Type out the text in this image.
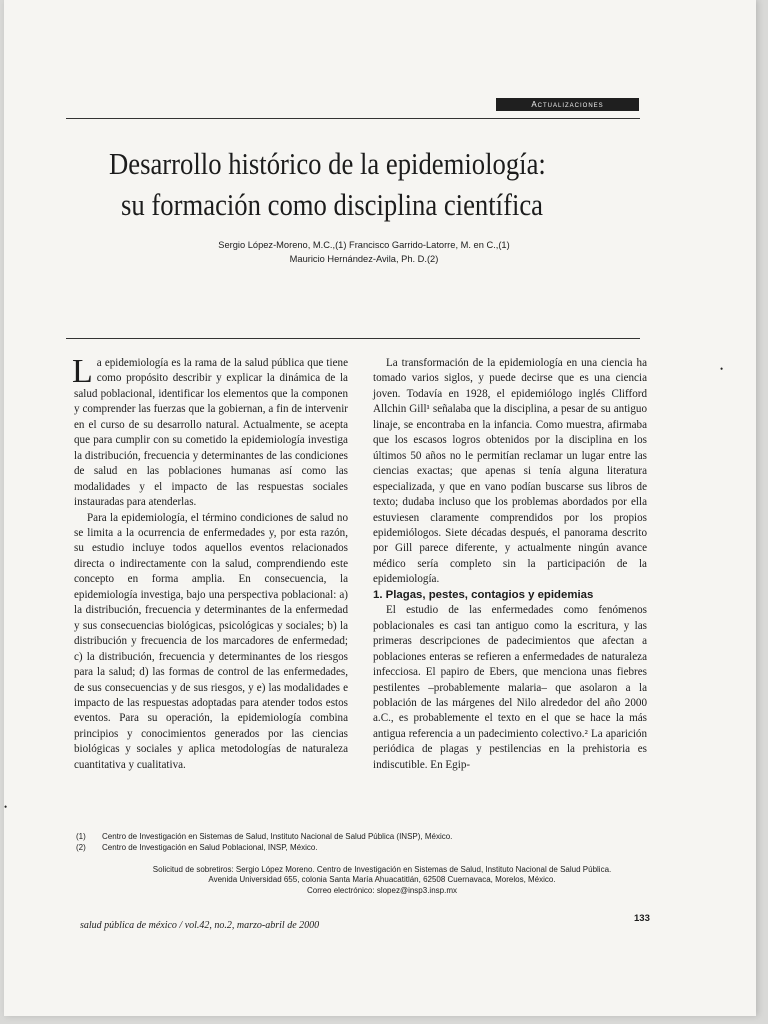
Actualizaciones
Desarrollo histórico de la epidemiología:
su formación como disciplina científica
Sergio López-Moreno, M.C.,(1) Francisco Garrido-Latorre, M. en C.,(1)
Mauricio Hernández-Avila, Ph. D.(2)

La epidemiología es la rama de la salud pública que tiene como propósito describir y explicar la dinámica de la salud poblacional, identificar los elementos que la componen y comprender las fuerzas que la gobiernan, a fin de intervenir en el curso de su desarrollo natural. Actualmente, se acepta que para cumplir con su cometido la epidemiología investiga la distribución, frecuencia y determinantes de las condiciones de salud en las poblaciones humanas así como las modalidades y el impacto de las respuestas sociales instauradas para atenderlas.

Para la epidemiología, el término condiciones de salud no se limita a la ocurrencia de enfermedades y, por esta razón, su estudio incluye todos aquellos eventos relacionados directa o indirectamente con la salud, comprendiendo este concepto en forma amplia. En consecuencia, la epidemiología investiga, bajo una perspectiva poblacional: a) la distribución, frecuencia y determinantes de la enfermedad y sus consecuencias biológicas, psicológicas y sociales; b) la distribución y frecuencia de los marcadores de enfermedad; c) la distribución, frecuencia y determinantes de los riesgos para la salud; d) las formas de control de las enfermedades, de sus consecuencias y de sus riesgos, y e) las modalidades e impacto de las respuestas adoptadas para atender todos estos eventos. Para su operación, la epidemiología combina principios y conocimientos generados por las ciencias biológicas y sociales y aplica metodologías de naturaleza cuantitativa y cualitativa.

La transformación de la epidemiología en una ciencia ha tomado varios siglos, y puede decirse que es una ciencia joven. Todavía en 1928, el epidemiólogo inglés Clifford Allchin Gill¹ señalaba que la disciplina, a pesar de su antiguo linaje, se encontraba en la infancia. Como muestra, afirmaba que los escasos logros obtenidos por la disciplina en los últimos 50 años no le permitían reclamar un lugar entre las ciencias exactas; que apenas si tenía alguna literatura especializada, y que en vano podían buscarse sus libros de texto; dudaba incluso que los problemas abordados por ella estuviesen claramente comprendidos por los propios epidemiólogos. Siete décadas después, el panorama descrito por Gill parece diferente, y actualmente ningún avance médico sería completo sin la participación de la epidemiología.

1. Plagas, pestes, contagios y epidemias

El estudio de las enfermedades como fenómenos poblacionales es casi tan antiguo como la escritura, y las primeras descripciones de padecimientos que afectan a poblaciones enteras se refieren a enfermedades de naturaleza infecciosa. El papiro de Ebers, que menciona unas fiebres pestilentes –probablemente malaria– que asolaron a la población de las márgenes del Nilo alrededor del año 2000 a.C., es probablemente el texto en el que se hace la más antigua referencia a un padecimiento colectivo.² La aparición periódica de plagas y pestilencias en la prehistoria es indiscutible. En Egip-

(1)	Centro de Investigación en Sistemas de Salud, Instituto Nacional de Salud Pública (INSP), México.
(2)	Centro de Investigación en Salud Poblacional, INSP, México.
Solicitud de sobretiros: Sergio López Moreno. Centro de Investigación en Sistemas de Salud, Instituto Nacional de Salud Pública.
Avenida Universidad 655, colonia Santa María Ahuacatitlán, 62508 Cuernavaca, Morelos, México.
Correo electrónico: slopez@insp3.insp.mx
salud pública de méxico / vol.42, no.2, marzo-abril de 2000
133
•
•
